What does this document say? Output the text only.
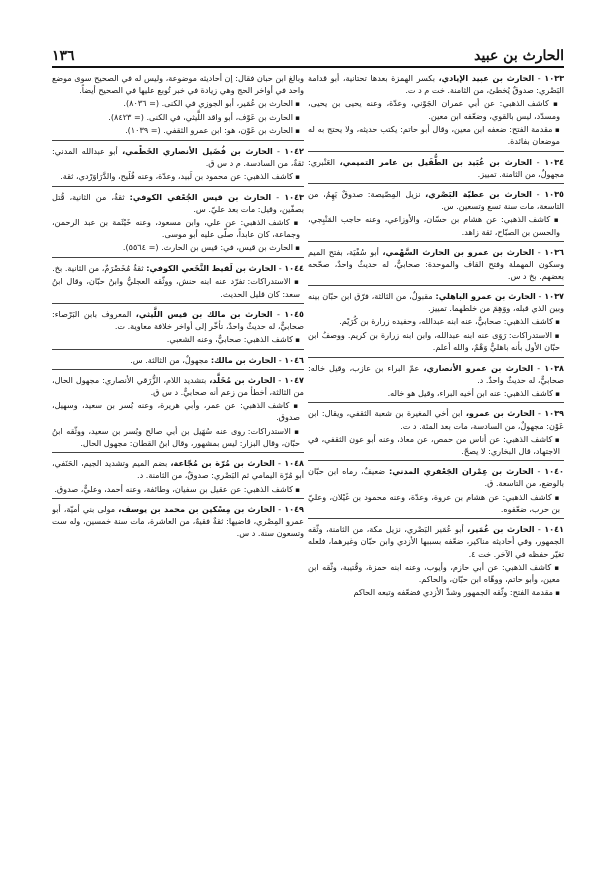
الحارث بن عبيد
١٣٦
١٠٣٣ - الحارث بن عبيد الإيادي، بكسر الهمزة بعدها تحتانية، أبو قدامة البَصْري: صدوقٌ يُخطئ، من الثامنة. خت م د ت.
▪ كاشف الذهبي: عن أبي عمران الجَوْني، وعدّة، وعنه يحيى بن يحيى، ومسدّد، ليس بالقوي، وضعّفه ابن معين.
▪ مقدمة الفتح: ضعفه ابن معين، وقال أبو حاتم: يكتب حديثه، ولا يحتج به له موضعان بفائدة.
١٠٣٤ - الحارث بن عُبَيد بن الطُّفَيل بن عامر التميمي، العَنْبري: مجهولٌ، من الثامنة. تمييز.
١٠٣٥ - الحارث بن عطيّة البَصْري، نزيل المِصّيصة: صدوقٌ يَهِمُ، من التاسعة، مات سنة تسع وتسعين. س.
▪ كاشف الذهبي: عن هشام بن حسّان، والأوزاعي، وعنه حاجب المَنْبِجي، والحسن بن الصبّاح، ثقة زاهد.
١٠٣٦ - الحارث بن عمرو بن الحارث السَّهْمي، أبو سُفْيَة، بفتح الميم وسكون المهملة وفتح القاف والموحدة: صحابيٌّ، له حديثٌ واحدٌ، صحّحه بعضهم. بخ د س.
١٠٣٧ - الحارث بن عمرو الباهلي: مقبولٌ، من الثالثة، فرّق ابن حبّان بينه وبين الذي قبله، ووَهِمَ من خلطهما. تمييز.
▪ كاشف الذهبي: صحابيٌّ، عنه ابنه عبدالله، وحفيده زرارة بن كُرَيْم.
▪ الاستدراكات: رَوَى عنه ابنه عبدالله، وابن ابنه زرارة بن كريم. ووصفُ ابن حبّان الأول بأنه باهليٌّ وَهْمٌ، والله أعلم.
١٠٣٨ - الحارث بن عمرو الأنصاري، عمّ البراء بن عازب، وقيل خاله: صحابيٌّ، له حديثٌ واحدٌ. د.
▪ كاشف الذهبي: عنه ابن أخيه البراء، وقيل هو خاله.
١٠٣٩ - الحارث بن عمرو، ابن أخي المغيرة بن شعبة الثقفي، ويقال: ابن عَوْن: مجهولٌ، من السادسة، مات بعد المئة. د ت.
▪ كاشف الذهبي: عن أناس من حمص، عن معاذ، وعنه أبو عون الثقفي، في الاجتهاد، قال البخاري: لا يصحّ.
١٠٤٠ - الحارث بن عِمْران الجَعْفري المدني: ضعيفٌ، رماه ابن حبّان بالوضع، من التاسعة. ق.
▪ كاشف الذهبي: عن هشام بن عروة، وعدّة، وعنه محمود بن غَيْلان، وعليّ بن حرب، ضعّفوه.
١٠٤١ - الحارث بن عُمَير، أبو عُمَير البَصْري، نزيل مكة، من الثامنة، وثّقه الجمهور، وفي أحاديثه مناكير، ضعّفه بسببها الأزدي وابن حبّان وغيرهما، فلعله تغيّر حفظه في الآخر. خت ٤.
▪ كاشف الذهبي: عن أبي حازم، وأيوب، وعنه ابنه حمزة، وقُتيبة، وثّقه ابن معين، وأبو حاتم، ووهّاه ابن حبّان، والحاكم.
▪ مقدمة الفتح: وثّقه الجمهور وشذّ الأزدي فضعّفه وتبعه الحاكم
وبالغ ابن حبان فقال: إن أحاديثه موضوعة، وليس له في الصحيح سوى موضع واحد في أواخر الحج وهي زيادة في خبر تُوبع عليها في الصحيح أيضاً.
▪ الحارث بن عُمَير، أبو الجوزي في الكنى. (= ٨٠٣٦).
▪ الحارث بن عَوْف، أبو واقد اللَّيثي، في الكنى. (= ٨٤٢٣).
▪ الحارث بن عَوْن، هو: ابن عمرو الثقفي. (= ١٠٣٩).
١٠٤٢ - الحارث بن فُضَيل الأنصاري الخَطْمي، أبو عبدالله المدني: ثقةٌ، من السادسة. م د س ق.
▪ كاشف الذهبي: عن محمود بن لَبيد، وعدّة، وعنه فُلَيح، والدَّرَاوَرْدي، ثقة.
١٠٤٣ - الحارث بن قيس الجُعْفي الكوفي: ثقةٌ، من الثانية، قُتل بصفّين، وقيل: مات بعد عليّ. س.
▪ كاشف الذهبي: عن علي، وابن مسعود، وعنه خَيْثَمة بن عبد الرحمن، وجماعة، كان عابداً، صلّى عليه أبو موسى.
▪ الحارث بن قيس، في: قيس بن الحارث. (= ٥٥٦٤).
١٠٤٤ - الحارث بن لَقيط النَّخَعي الكوفي: ثقةٌ مُخَضْرَمٌ، من الثانية. بخ.
▪ الاستدراكات: تفرّد عنه ابنه حنش، ووثّقه العجليُّ وابنُ حبّان، وقال ابنُ سعد: كان قليل الحديث.
١٠٤٥ - الحارث بن مالك بن قيس اللَّيثي، المعروف بابن البَرْصاء: صحابيٌّ، له حديثٌ واحدٌ، تأخّر إلى أواخر خلافة معاوية. ت.
▪ كاشف الذهبي: صحابيٌّ، وعنه الشعبي.
١٠٤٦ - الحارث بن مالك: مجهولٌ، من الثالثة. س.
١٠٤٧ - الحارث بن مُخَلَّد، بتشديد اللام، الزُّرَقي الأنصاري: مجهول الحال، من الثالثة، أخطأ من زعم أنه صحابيٌّ. د س ق.
▪ كاشف الذهبي: عن عمر، وأبي هريرة، وعنه بُسر بن سعيد، وسهيل، صدوق.
▪ الاستدراكات: روى عنه سُهَيل بن أبي صالح وبُسر بن سعيد، ووثّقه ابنُ حبّان، وقال البزار: ليس بمشهور، وقال ابنُ القطان: مجهول الحال.
١٠٤٨ - الحارث بن مُرّة بن مُجّاعة، بضم الميم وتشديد الجيم، الحَنَفي، أبو مُرّة اليمامي ثم البَصْري: صدوقٌ، من الثامنة. د.
▪ كاشف الذهبي: عن عقيل بن سفيان، وطائفة، وعنه أحمد، وعليٌّ، صدوق.
١٠٤٩ - الحارث بن مِسْكين بن محمد بن يوسف، مولى بني أميّة، أبو عمرو المِصْري، قاضيها: ثقةٌ فقيهٌ، من العاشرة، مات سنة خمسين، وله ست وتسعون سنة. د س.
